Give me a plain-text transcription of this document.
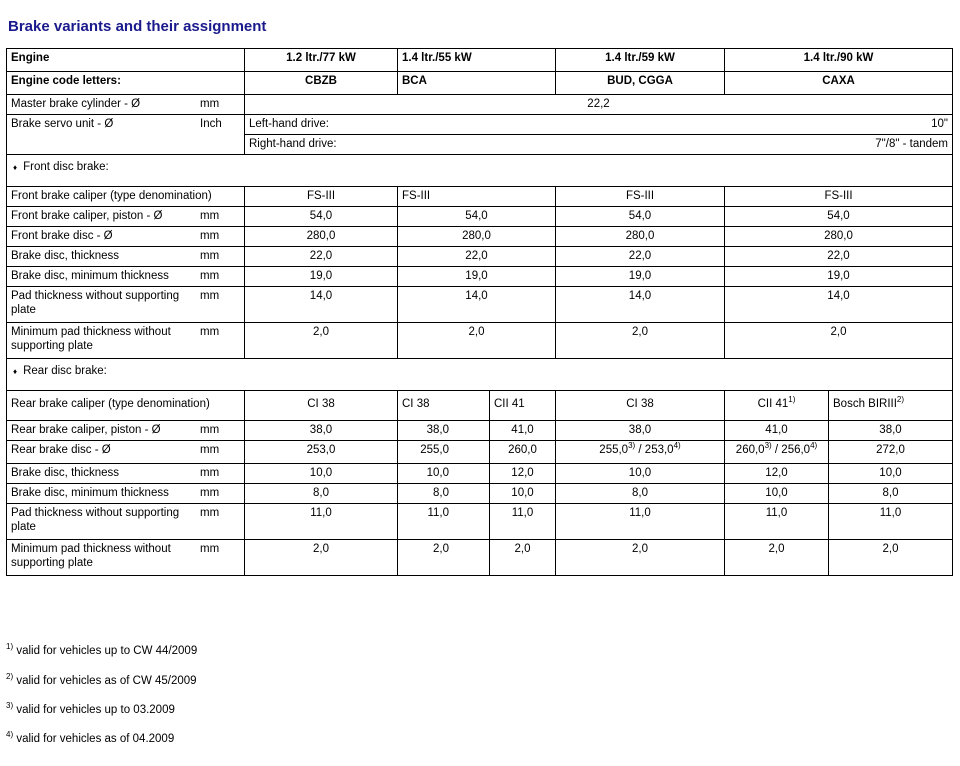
Brake variants and their assignment
Engine	1.2 ltr./77 kW	1.4 ltr./55 kW		1.4 ltr./59 kW	1.4 ltr./90 kW	
Engine code letters:	CBZB	BCA		BUD, CGGA	CAXA	

Master brake cylinder - Ø mm	22,2					

Brake servo unit - Ø Inch	Left-hand drive: 10"					

	Right-hand drive: 7"/8" - tandem					

♦ Front disc brake:						
Front brake caliper (type denomination)	FS-III	FS-III		FS-III	FS-III	

Front brake caliper, piston - Ø mm	54,0	54,0		54,0	54,0	

Front brake disc - Ø mm	280,0	280,0		280,0	280,0	

Brake disc, thickness mm	22,0	22,0		22,0	22,0	

Brake disc, minimum thickness mm	19,0	19,0		19,0	19,0	

Pad thickness without supporting plate
mm	14,0	14,0		14,0	14,0	

Minimum pad thickness without supporting plate
mm	2,0	2,0		2,0	2,0	
♦ Rear disc brake:						
Rear brake caliper (type denomination)	CI 38	CI 38	CII 41	CI 38	CII 41$^{1)}$	Bosch BIRIII$^{2)}$

Rear brake caliper, piston - Ø mm	38,0	38,0	41,0	38,0	41,0	38,0

Rear brake disc - Ø mm	253,0	255,0	260,0	255,0$^{3)}$ / 253,0$^{4)}$	260,0$^{3)}$ / 256,0$^{4)}$	272,0

Brake disc, thickness mm	10,0	10,0	12,0	10,0	12,0	10,0

Brake disc, minimum thickness mm	8,0	8,0	10,0	8,0	10,0	8,0

Pad thickness without supporting plate
mm	11,0	11,0	11,0	11,0	11,0	11,0

Minimum pad thickness without supporting plate
mm	2,0	2,0	2,0	2,0	2,0	2,0
$^{1)}$ valid for vehicles up to CW 44/2009
$^{2)}$ valid for vehicles as of CW 45/2009
$^{3)}$ valid for vehicles up to 03.2009
$^{4)}$ valid for vehicles as of 04.2009
